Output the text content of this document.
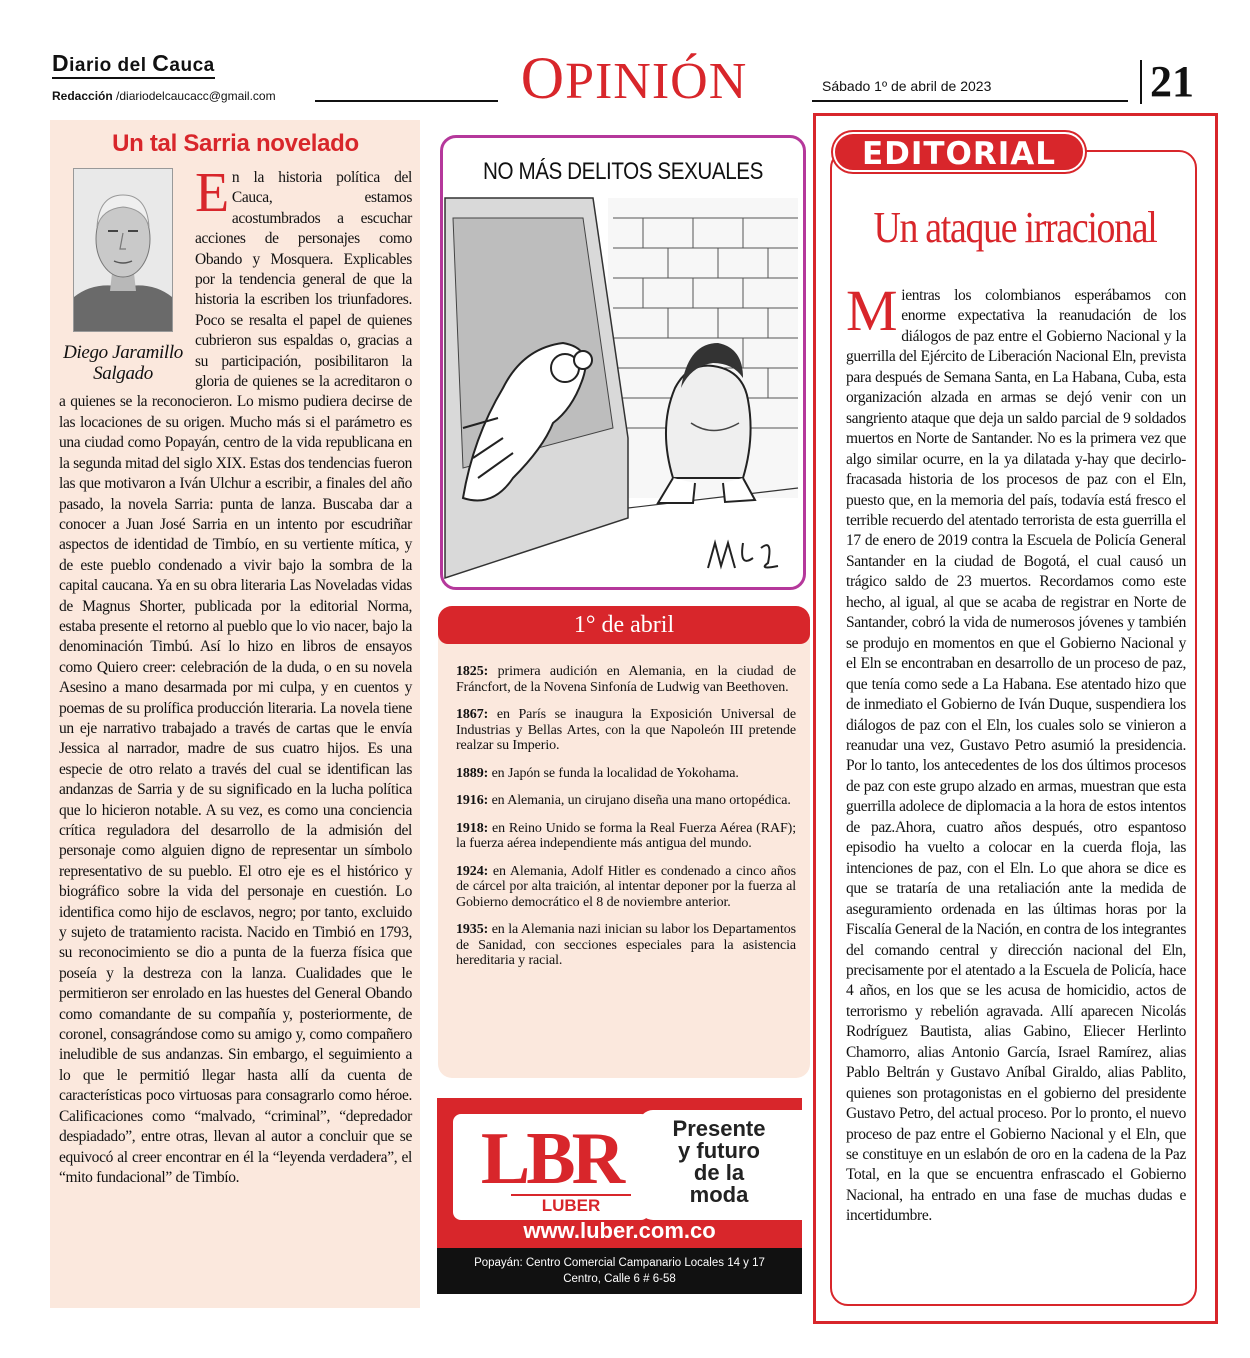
Diario del Cauca
Redacción /diariodelcaucacc@gmail.com	OPINIÓN	Sábado 1º de abril de 2023	21
Un tal Sarria novelado
Diego Jaramillo Salgado
E n la historia política del Cauca, estamos acostumbrados a escuchar acciones de personajes como Obando y Mosquera. Explicables por la tendencia general de que la historia la escriben los triunfadores. Poco se resalta el papel de quienes cubrieron sus espaldas o, gracias a su participación, posibilitaron la gloria de quienes se la acreditaron o a quienes se la reconocieron. Lo mismo pudiera decirse de las locaciones de su origen. Mucho más si el parámetro es una ciudad como Popayán, centro de la vida republicana en la segunda mitad del siglo XIX. Estas dos tendencias fueron las que motivaron a Iván Ulchur a escribir, a finales del año pasado, la novela Sarria: punta de lanza. Buscaba dar a conocer a Juan José Sarria en un intento por escudriñar aspectos de identidad de Timbío, en su vertiente mítica, y de este pueblo condenado a vivir bajo la sombra de la capital caucana. Ya en su obra literaria Las Noveladas vidas de Magnus Shorter, publicada por la editorial Norma, estaba presente el retorno al pueblo que lo vio nacer, bajo la denominación Timbú. Así lo hizo en libros de ensayos como Quiero creer: celebración de la duda, o en su novela Asesino a mano desarmada por mi culpa, y en cuentos y poemas de su prolífica producción literaria. La novela tiene un eje narrativo trabajado a través de cartas que le envía Jessica al narrador, madre de sus cuatro hijos. Es una especie de otro relato a través del cual se identifican las andanzas de Sarria y de su significado en la lucha política que lo hicieron notable. A su vez, es como una conciencia crítica reguladora del desarrollo de la admisión del personaje como alguien digno de representar un símbolo representativo de su pueblo. El otro eje es el histórico y biográfico sobre la vida del personaje en cuestión. Lo identifica como hijo de esclavos, negro; por tanto, excluido y sujeto de tratamiento racista. Nacido en Timbió en 1793, su reconocimiento se dio a punta de la fuerza física que poseía y la destreza con la lanza. Cualidades que le permitieron ser enrolado en las huestes del General Obando como comandante de su compañía y, posteriormente, de coronel, consagrándose como su amigo y, como compañero ineludible de sus andanzas. Sin embargo, el seguimiento a lo que le permitió llegar hasta allí da cuenta de características poco virtuosas para consagrarlo como héroe. Calificaciones como “malvado, “criminal”, “depredador despiadado”, entre otras, llevan al autor a concluir que se equivocó al creer encontrar en él la “leyenda verdadera”, el “mito fundacional” de Timbío.
NO MÁS DELITOS SEXUALES
1° de abril

1825: primera audición en Alemania, en la ciudad de Fráncfort, de la Novena Sinfonía de Ludwig van Beethoven.

1867: en París se inaugura la Exposición Universal de Industrias y Bellas Artes, con la que Napoleón III pretende realzar su Imperio.

1889: en Japón se funda la localidad de Yokohama.

1916: en Alemania, un cirujano diseña una mano ortopédica.

1918: en Reino Unido se forma la Real Fuerza Aérea (RAF); la fuerza aérea independiente más antigua del mundo.

1924: en Alemania, Adolf Hitler es condenado a cinco años de cárcel por alta traición, al intentar deponer por la fuerza al Gobierno democrático el 8 de noviembre anterior.

1935: en la Alemania nazi inician su labor los Departamentos de Sanidad, con secciones especiales para la asistencia hereditaria y racial.

Presente
y futuro
de la
moda
LBR
LUBER
www.luber.com.co
Popayán: Centro Comercial Campanario Locales 14 y 17
Centro, Calle 6 # 6-58
EDITORIAL
Un ataque irracional
Mientras los colombianos esperábamos con enorme expectativa la reanudación de los diálogos de paz entre el Gobierno Nacional y la guerrilla del Ejército de Liberación Nacional Eln, prevista para después de Semana Santa, en La Habana, Cuba, esta organización alzada en armas se dejó venir con un sangriento ataque que deja un saldo parcial de 9 soldados muertos en Norte de Santander. No es la primera vez que algo similar ocurre, en la ya dilatada y-hay que decirlo- fracasada historia de los procesos de paz con el Eln, puesto que, en la memoria del país, todavía está fresco el terrible recuerdo del atentado terrorista de esta guerrilla el 17 de enero de 2019 contra la Escuela de Policía General Santander en la ciudad de Bogotá, el cual causó un trágico saldo de 23 muertos. Recordamos como este hecho, al igual, al que se acaba de registrar en Norte de Santander, cobró la vida de numerosos jóvenes y también se produjo en momentos en que el Gobierno Nacional y el Eln se encontraban en desarrollo de un proceso de paz, que tenía como sede a La Habana. Ese atentado hizo que de inmediato el Gobierno de Iván Duque, suspendiera los diálogos de paz con el Eln, los cuales solo se vinieron a reanudar una vez, Gustavo Petro asumió la presidencia. Por lo tanto, los antecedentes de los dos últimos procesos de paz con este grupo alzado en armas, muestran que esta guerrilla adolece de diplomacia a la hora de estos intentos de paz.Ahora, cuatro años después, otro espantoso episodio ha vuelto a colocar en la cuerda floja, las intenciones de paz, con el Eln. Lo que ahora se dice es que se trataría de una retaliación ante la medida de aseguramiento ordenada en las últimas horas por la Fiscalía General de la Nación, en contra de los integrantes del comando central y dirección nacional del Eln, precisamente por el atentado a la Escuela de Policía, hace 4 años, en los que se les acusa de homicidio, actos de terrorismo y rebelión agravada. Allí aparecen Nicolás Rodríguez Bautista, alias Gabino, Eliecer Herlinto Chamorro, alias Antonio García, Israel Ramírez, alias Pablo Beltrán y Gustavo Aníbal Giraldo, alias Pablito, quienes son protagonistas en el gobierno del presidente Gustavo Petro, del actual proceso. Por lo pronto, el nuevo proceso de paz entre el Gobierno Nacional y el Eln, que se constituye en un eslabón de oro en la cadena de la Paz Total, en la que se encuentra enfrascado el Gobierno Nacional, ha entrado en una fase de muchas dudas e incertidumbre.
